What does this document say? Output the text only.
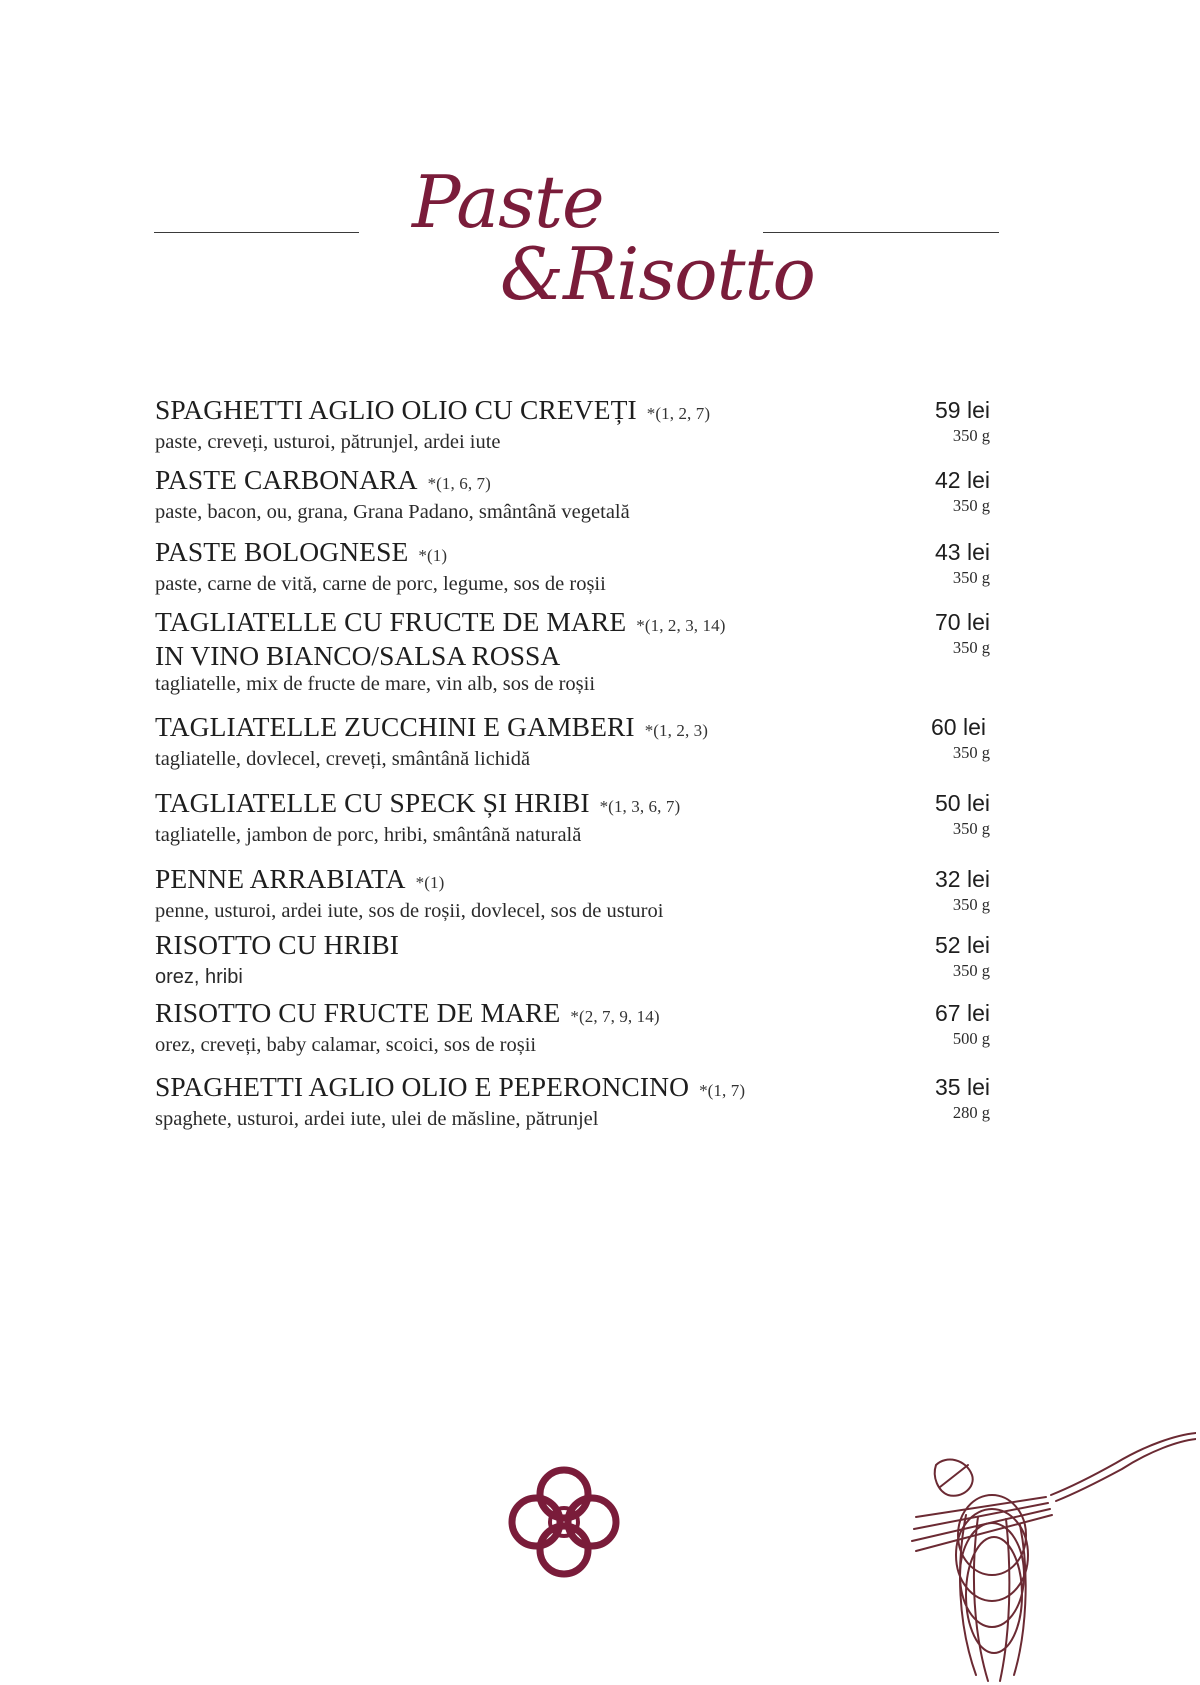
Paste
&Risotto
SPAGHETTI AGLIO OLIO CU CREVEȚI *(1, 2, 7)
paste, creveți, usturoi, pătrunjel, ardei iute
59 lei
350 g
PASTE CARBONARA *(1, 6, 7)
paste, bacon, ou, grana, Grana Padano, smântână vegetală
42 lei
350 g
PASTE BOLOGNESE *(1)
paste, carne de vită, carne de porc, legume, sos de roșii
43 lei
350 g
TAGLIATELLE CU FRUCTE DE MARE *(1, 2, 3, 14)
IN VINO BIANCO/SALSA ROSSA
tagliatelle, mix de fructe de mare, vin alb, sos de roșii
70 lei
350 g
TAGLIATELLE ZUCCHINI E GAMBERI *(1, 2, 3)
tagliatelle, dovlecel, creveți, smântână lichidă
60 lei
350 g
TAGLIATELLE CU SPECK ȘI HRIBI *(1, 3, 6, 7)
tagliatelle, jambon de porc, hribi, smântână naturală
50 lei
350 g
PENNE ARRABIATA *(1)
penne, usturoi, ardei iute, sos de roșii, dovlecel, sos de usturoi
32 lei
350 g
RISOTTO CU HRIBI
orez, hribi
52 lei
350 g
RISOTTO CU FRUCTE DE MARE *(2, 7, 9, 14)
orez, creveți, baby calamar, scoici, sos de roșii
67 lei
500 g
SPAGHETTI AGLIO OLIO E PEPERONCINO *(1, 7)
spaghete, usturoi, ardei iute, ulei de măsline, pătrunjel
35 lei
280 g
